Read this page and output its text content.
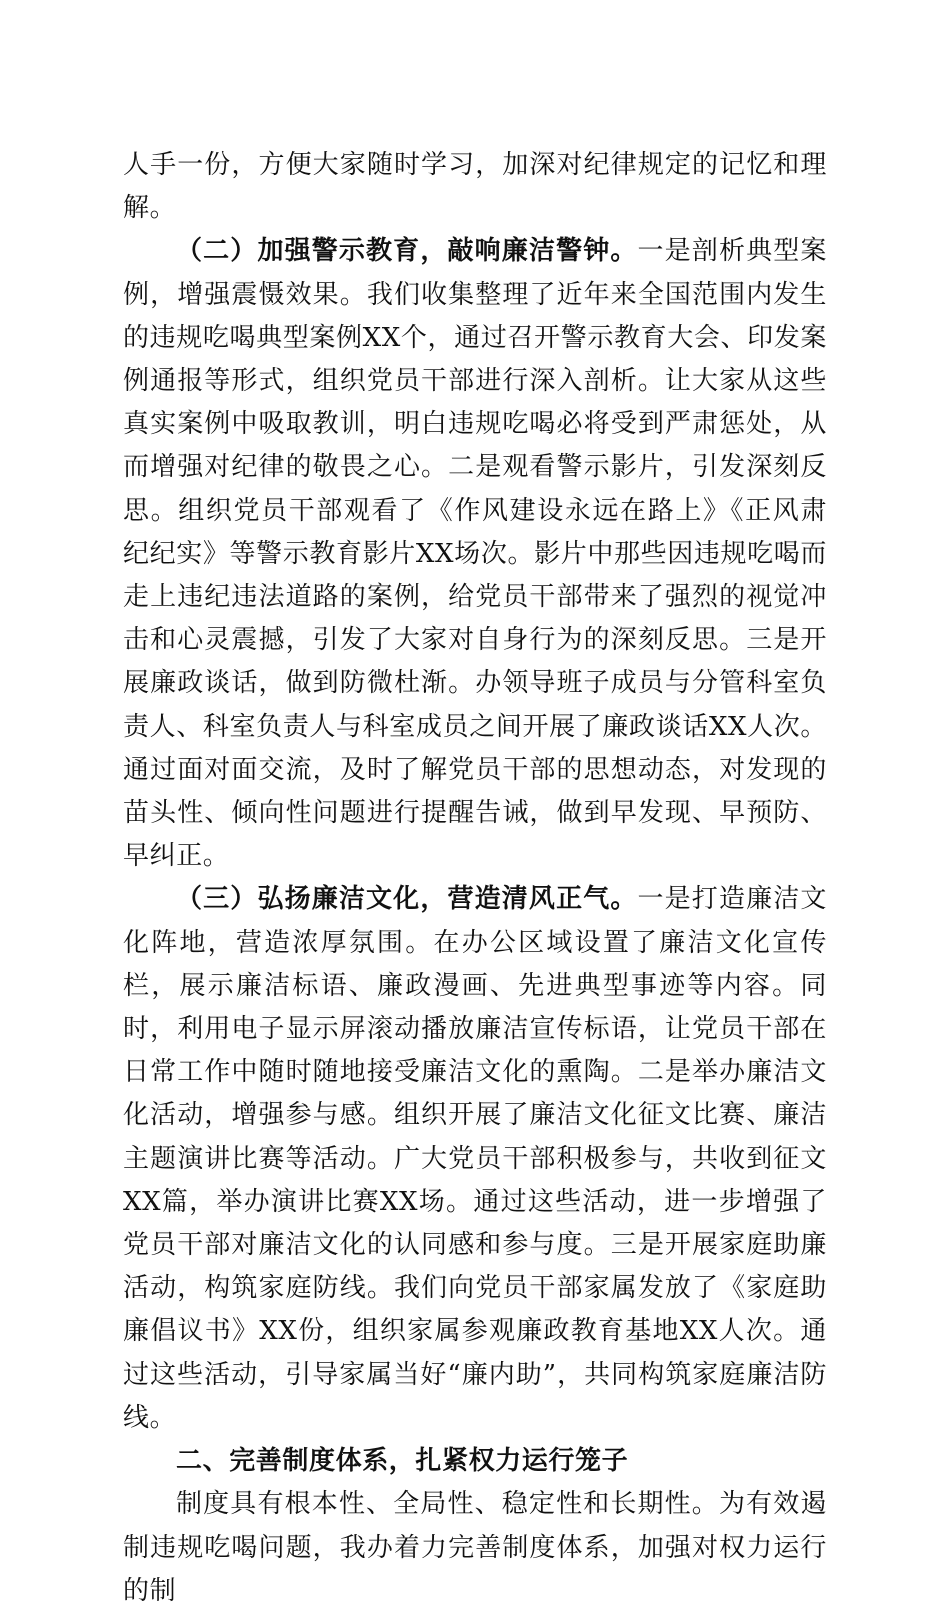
人手一份，方便大家随时学习，加深对纪律规定的记忆和理解。

（二）加强警示教育，敲响廉洁警钟。一是剖析典型案例，增强震慑效果。我们收集整理了近年来全国范围内发生的违规吃喝典型案例XX个，通过召开警示教育大会、印发案例通报等形式，组织党员干部进行深入剖析。让大家从这些真实案例中吸取教训，明白违规吃喝必将受到严肃惩处，从而增强对纪律的敬畏之心。二是观看警示影片，引发深刻反思。组织党员干部观看了《作风建设永远在路上》《正风肃纪纪实》等警示教育影片XX场次。影片中那些因违规吃喝而走上违纪违法道路的案例，给党员干部带来了强烈的视觉冲击和心灵震撼，引发了大家对自身行为的深刻反思。三是开展廉政谈话，做到防微杜渐。办领导班子成员与分管科室负责人、科室负责人与科室成员之间开展了廉政谈话XX人次。通过面对面交流，及时了解党员干部的思想动态，对发现的苗头性、倾向性问题进行提醒告诫，做到早发现、早预防、早纠正。

（三）弘扬廉洁文化，营造清风正气。一是打造廉洁文化阵地，营造浓厚氛围。在办公区域设置了廉洁文化宣传栏，展示廉洁标语、廉政漫画、先进典型事迹等内容。同时，利用电子显示屏滚动播放廉洁宣传标语，让党员干部在日常工作中随时随地接受廉洁文化的熏陶。二是举办廉洁文化活动，增强参与感。组织开展了廉洁文化征文比赛、廉洁主题演讲比赛等活动。广大党员干部积极参与，共收到征文XX篇，举办演讲比赛XX场。通过这些活动，进一步增强了党员干部对廉洁文化的认同感和参与度。三是开展家庭助廉活动，构筑家庭防线。我们向党员干部家属发放了《家庭助廉倡议书》XX份，组织家属参观廉政教育基地XX人次。通过这些活动，引导家属当好“廉内助”，共同构筑家庭廉洁防线。

二、完善制度体系，扎紧权力运行笼子

制度具有根本性、全局性、稳定性和长期性。为有效遏制违规吃喝问题，我办着力完善制度体系，加强对权力运行的制
